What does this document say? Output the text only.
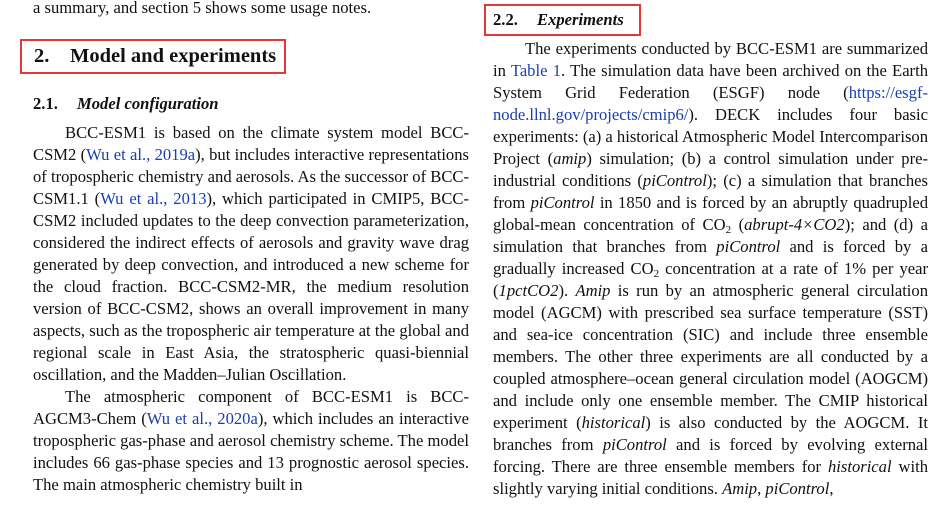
a summary, and section 5 shows some usage notes.
2. Model and experiments
2.1. Model configuration
2.2. Experiments

BCC-ESM1 is based on the climate system model BCC-CSM2 (Wu et al., 2019a), but includes interactive representations of tropospheric chemistry and aerosols. As the successor of BCC-CSM1.1 (Wu et al., 2013), which participated in CMIP5, BCC-CSM2 included updates to the deep convection parameterization, considered the indirect effects of aerosols and gravity wave drag generated by deep convection, and introduced a new scheme for the cloud fraction. BCC-CSM2-MR, the medium resolution version of BCC-CSM2, shows an overall improvement in many aspects, such as the tropospheric air temperature at the global and regional scale in East Asia, the stratospheric quasi-biennial oscillation, and the Madden–Julian Oscillation.

The atmospheric component of BCC-ESM1 is BCC-AGCM3-Chem (Wu et al., 2020a), which includes an interactive tropospheric gas-phase and aerosol chemistry scheme. The model includes 66 gas-phase species and 13 prognostic aerosol species. The main atmospheric chemistry built in

The experiments conducted by BCC-ESM1 are summarized in Table 1. The simulation data have been archived on the Earth System Grid Federation (ESGF) node (https://esgf-node.llnl.gov/projects/cmip6/). DECK includes four basic experiments: (a) a historical Atmospheric Model Intercomparison Project (amip) simulation; (b) a control simulation under pre-industrial conditions (piControl); (c) a simulation that branches from piControl in 1850 and is forced by an abruptly quadrupled global-mean concentration of $CO_2$ (abrupt-4×CO2); and (d) a simulation that branches from piControl and is forced by a gradually increased $CO_2$ concentration at a rate of 1% per year (1pctCO2). Amip is run by an atmospheric general circulation model (AGCM) with prescribed sea surface temperature (SST) and sea-ice concentration (SIC) and include three ensemble members. The other three experiments are all conducted by a coupled atmosphere–ocean general circulation model (AOGCM) and include only one ensemble member. The CMIP historical experiment (historical) is also conducted by the AOGCM. It branches from piControl and is forced by evolving external forcing. There are three ensemble members for historical with slightly varying initial conditions. Amip, piControl,
